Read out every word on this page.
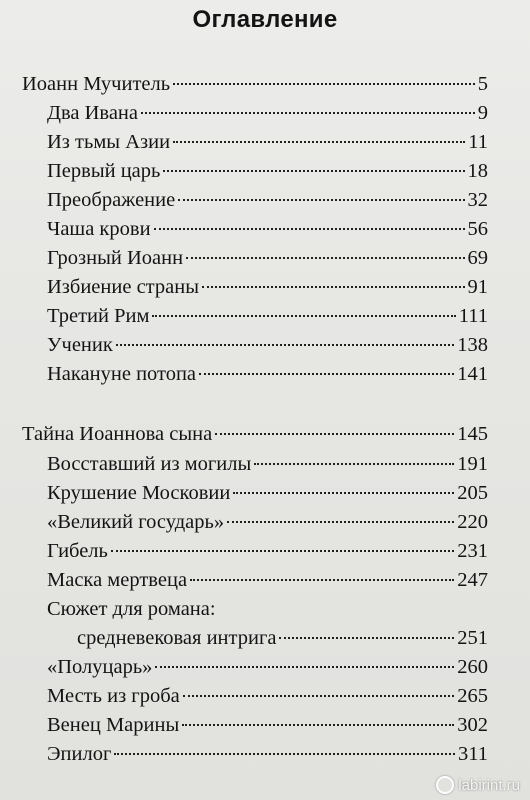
Оглавление
Иоанн Мучитель	5
Два Ивана	9
Из тьмы Азии	11
Первый царь	18
Преображение	32
Чаша крови	56
Грозный Иоанн	69
Избиение страны	91
Третий Рим	111
Ученик	138
Накануне потопа	141
Тайна Иоаннова сына	145
Восставший из могилы	191
Крушение Московии	205
«Великий государь»	220
Гибель	231
Маска мертвеца	247
Сюжет для романа:
средневековая интрига	251
«Полуцарь»	260
Месть из гроба	265
Венец Марины	302
Эпилог	311
labirint.ru
